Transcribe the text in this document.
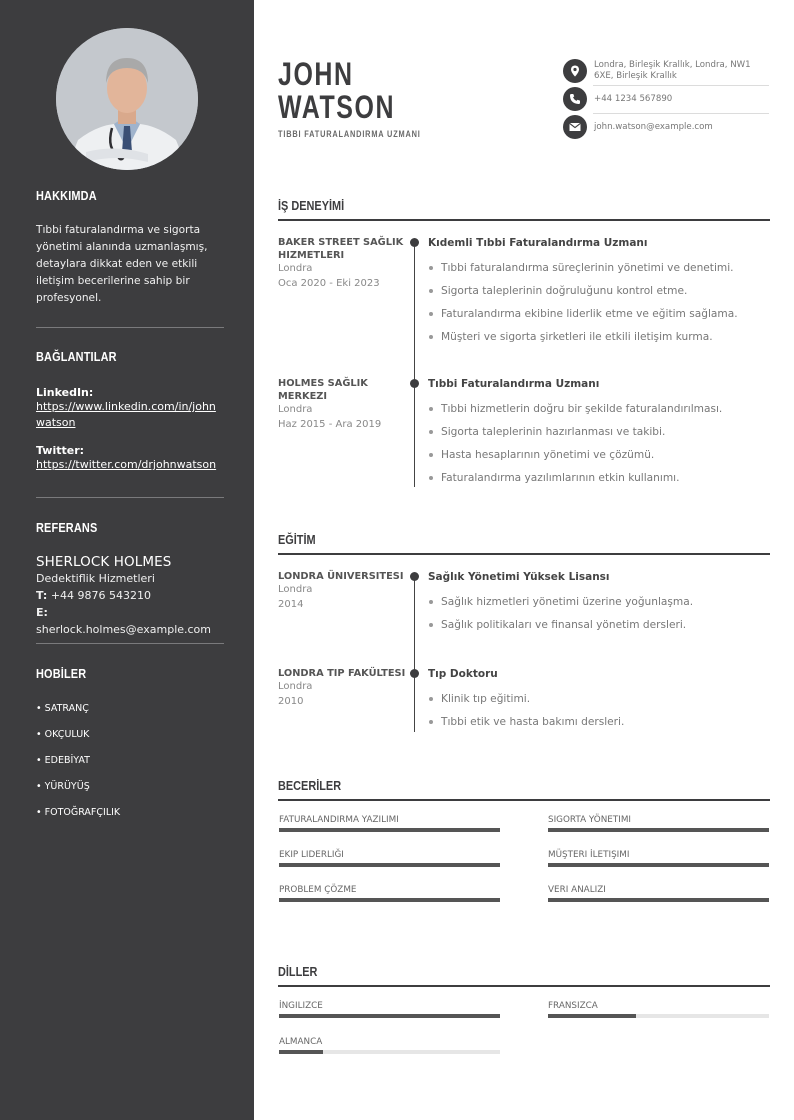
HAKKIMDA
Tıbbi faturalandırma ve sigorta yönetimi alanında uzmanlaşmış, detaylara dikkat eden ve etkili iletişim becerilerine sahip bir profesyonel.
BAĞLANTILAR
LinkedIn:
https://www.linkedin.com/in/johnwatson
Twitter:
https://twitter.com/drjohnwatson
REFERANS
SHERLOCK HOLMES
Dedektiflik Hizmetleri
T: +44 9876 543210
E: sherlock.holmes@example.com
HOBİLER
• SATRANÇ
• OKÇULUK
• EDEBİYAT
• YÜRÜYÜŞ
• FOTOĞRAFÇILIK
JOHN
WATSON
TIBBI FATURALANDIRMA UZMANI
Londra, Birleşik Krallık, Londra, NW1 6XE, Birleşik Krallık
+44 1234 567890
john.watson@example.com
İŞ DENEYİMİ
BAKER STREET SAĞLIK HIZMETLERI
Londra
Oca 2020 - Eki 2023
Kıdemli Tıbbi Faturalandırma Uzmanı
Tıbbi faturalandırma süreçlerinin yönetimi ve denetimi.
Sigorta taleplerinin doğruluğunu kontrol etme.
Faturalandırma ekibine liderlik etme ve eğitim sağlama.
Müşteri ve sigorta şirketleri ile etkili iletişim kurma.
HOLMES SAĞLIK MERKEZI
Londra
Haz 2015 - Ara 2019
Tıbbi Faturalandırma Uzmanı
Tıbbi hizmetlerin doğru bir şekilde faturalandırılması.
Sigorta taleplerinin hazırlanması ve takibi.
Hasta hesaplarının yönetimi ve çözümü.
Faturalandırma yazılımlarının etkin kullanımı.
EĞİTİM
LONDRA ÜNIVERSITESI
Londra
2014
Sağlık Yönetimi Yüksek Lisansı
Sağlık hizmetleri yönetimi üzerine yoğunlaşma.
Sağlık politikaları ve finansal yönetim dersleri.
LONDRA TIP FAKÜLTESI
Londra
2010
Tıp Doktoru
Klinik tıp eğitimi.
Tıbbi etik ve hasta bakımı dersleri.
BECERİLER
FATURALANDIRMA YAZILIMI	SIGORTA YÖNETIMI
EKIP LIDERLIĞI	MÜŞTERI İLETIŞIMI
PROBLEM ÇÖZME	VERI ANALIZI
DİLLER
İNGILIZCE	FRANSIZCA
ALMANCA
